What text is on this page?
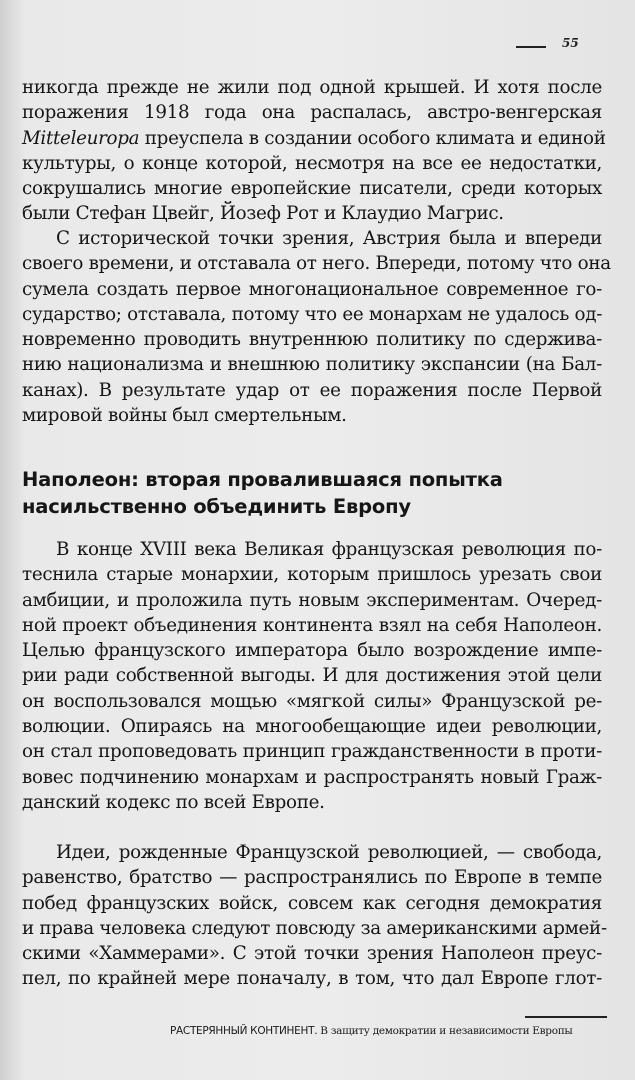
55

никогда прежде не жили под одной крышей. И хотя после
поражения 1918 года она распалась, австро-венгерская
Mitteleuropa преуспела в создании особого климата и единой
культуры, о конце которой, несмотря на все ее недостатки,
сокрушались многие европейские писатели, среди которых
были Стефан Цвейг, Йозеф Рот и Клаудио Магрис.

С исторической точки зрения, Австрия была и впереди
своего времени, и отставала от него. Впереди, потому что она
сумела создать первое многонациональное современное го-
сударство; отставала, потому что ее монархам не удалось од-
новременно проводить внутреннюю политику по сдерживa-
нию национализма и внешнюю политику экспансии (на Бал-
канах). В результате удар от ее поражения после Первой
мировой войны был смертельным.

Наполеон: вторая провалившаяся попытка
насильственно объединить Европу

В конце XVIII века Великая французская революция по-
теснила старые монархии, которым пришлось урезать свои
амбиции, и проложила путь новым экспериментам. Очеред-
ной проект объединения континента взял на себя Наполеон.
Целью французского императора было возрождение импе-
рии ради собственной выгоды. И для достижения этой цели
он воспользовался мощью «мягкой силы» Французской ре-
волюции. Опираясь на многообещающие идеи революции,
он стал проповедовать принцип гражданственности в проти-
вовес подчинению монархам и распространять новый Граж-
данский кодекс по всей Европе.

Идеи, рожденные Французской революцией, — свобода,
равенство, братство — распространялись по Европе в темпе
побед французских войск, совсем как сегодня демократия
и права человека следуют повсюду за американскими армей-
скими «Хаммерами». С этой точки зрения Наполеон преус-
пел, по крайней мере поначалу, в том, что дал Европе глот-

РАСТЕРЯННЫЙ КОНТИНЕНТ. В защиту демократии и независимости Европы
